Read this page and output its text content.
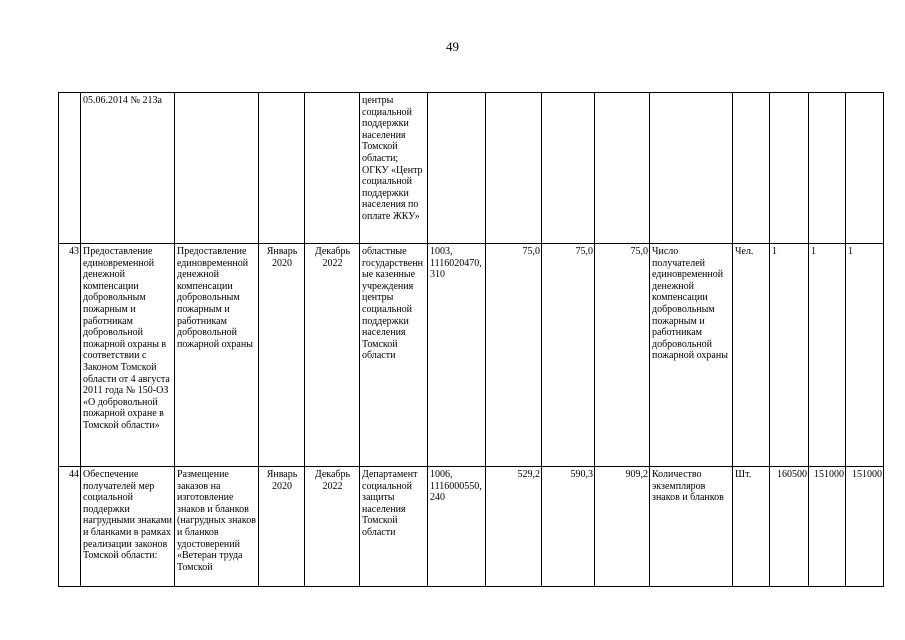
49
	05.06.2014 № 213а				центры социальной поддержки населения Томской области; ОГКУ «Центр социальной поддержки населения по оплате ЖКУ»									
43	Предоставление единовременной денежной компенсации добровольным пожарным и работникам добровольной пожарной охраны в соответствии с Законом Томской области от 4 августа 2011 года № 150-ОЗ «О добровольной пожарной охране в Томской области»	Предоставление единовременной денежной компенсации добровольным пожарным и работникам добровольной пожарной охраны	Январь 2020	Декабрь 2022	областные государственные казенные учреждения центры социальной поддержки населения Томской области	1003, 1116020470, 310	75,0	75,0	75,0	Число получателей единовременной денежной компенсации добровольным пожарным и работникам добровольной пожарной охраны	Чел.	1	1	1
44	Обеспечение получателей мер социальной поддержки нагрудными знаками и бланками в рамках реализации законов Томской области:	Размещение заказов на изготовление знаков и бланков (нагрудных знаков и бланков удостоверений «Ветеран труда Томской	Январь 2020	Декабрь 2022	Департамент социальной защиты населения Томской области	1006, 1116000550, 240	529,2	590,3	909,2	Количество экземпляров знаков и бланков	Шт.	160500	151000	151000
